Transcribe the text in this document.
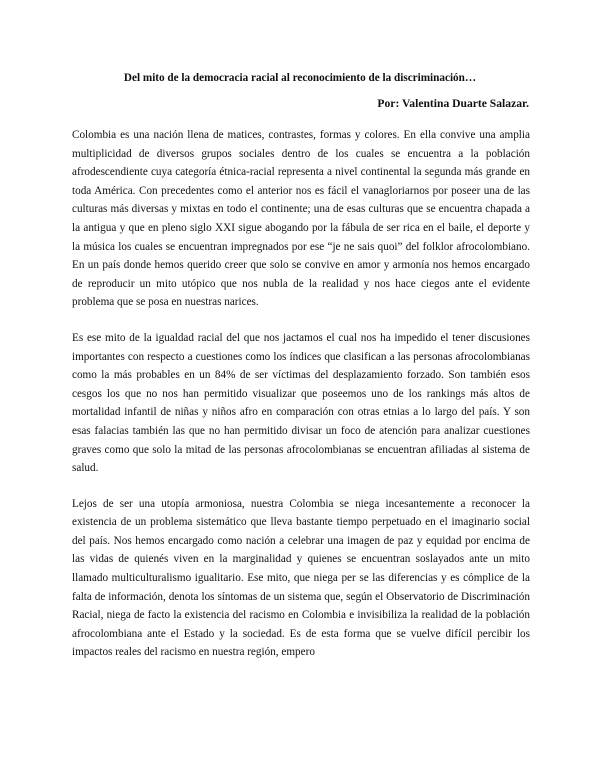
Del mito de la democracia racial al reconocimiento de la discriminación…
Por: Valentina Duarte Salazar.

Colombia es una nación llena de matices, contrastes, formas y colores. En ella convive una amplia multiplicidad de diversos grupos sociales dentro de los cuales se encuentra a la población afrodescendiente cuya categoría étnica-racial representa a nivel continental la segunda más grande en toda América. Con precedentes como el anterior nos es fácil el vanagloriarnos por poseer una de las culturas más diversas y mixtas en todo el continente; una de esas culturas que se encuentra chapada a la antigua y que en pleno siglo XXI sigue abogando por la fábula de ser rica en el baile, el deporte y la música los cuales se encuentran impregnados por ese “je ne sais quoi” del folklor afrocolombiano. En un país donde hemos querido creer que solo se convive en amor y armonía nos hemos encargado de reproducir un mito utópico que nos nubla de la realidad y nos hace ciegos ante el evidente problema que se posa en nuestras narices.

Es ese mito de la igualdad racial del que nos jactamos el cual nos ha impedido el tener discusiones importantes con respecto a cuestiones como los índices que clasifican a las personas afrocolombianas como la más probables en un 84% de ser víctimas del desplazamiento forzado. Son también esos cesgos los que no nos han permitido visualizar que poseemos uno de los rankings más altos de mortalidad infantil de niñas y niños afro en comparación con otras etnias a lo largo del país. Y son esas falacias también las que no han permitido divisar un foco de atención para analizar cuestiones graves como que solo la mitad de las personas afrocolombianas se encuentran afiliadas al sistema de salud.

Lejos de ser una utopía armoniosa, nuestra Colombia se niega incesantemente a reconocer la existencia de un problema sistemático que lleva bastante tiempo perpetuado en el imaginario social del país. Nos hemos encargado como nación a celebrar una imagen de paz y equidad por encima de las vidas de quienés viven en la marginalidad y quienes se encuentran soslayados ante un mito llamado multiculturalismo igualitario. Ese mito, que niega per se las diferencias y es cómplice de la falta de información, denota los síntomas de un sistema que, según el Observatorio de Discriminación Racial, niega de facto la existencia del racismo en Colombia e invisibiliza la realidad de la población afrocolombiana ante el Estado y la sociedad. Es de esta forma que se vuelve difícil percibir los impactos reales del racismo en nuestra región, empero
